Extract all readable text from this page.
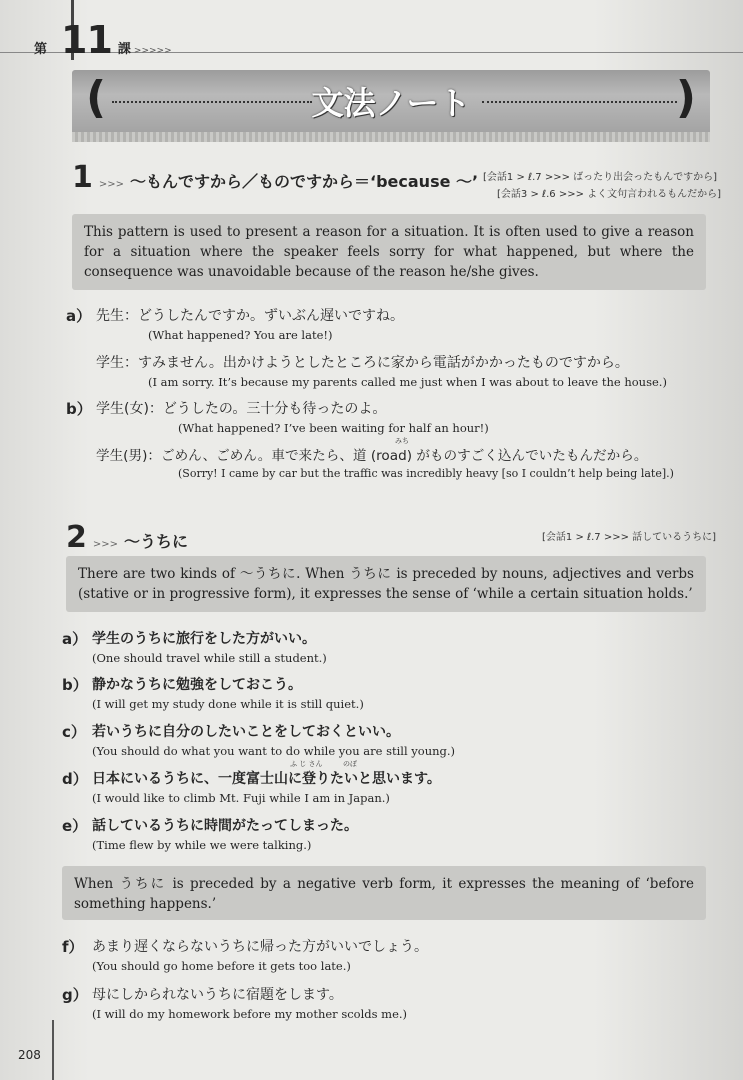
第 11 課 >>>>>
(	)
文法ノート
1 >>> 〜もんですから／ものですから＝‘because 〜’ [会話1 > ℓ.7 >>> ばったり出会ったもんですから]
[会話3 > ℓ.6 >>> よく文句言われるもんだから]

This pattern is used to present a reason for a situation. It is often used to give a reason for a situation where the speaker feels sorry for what happened, but where the consequence was unavoidable because of the reason he/she gives.

a） 先生：どうしたんですか。ずいぶん遅いですね。
(What happened? You are late!)
学生：すみません。出かけようとしたところに家から電話がかかったものですから。
(I am sorry. It’s because my parents called me just when I was about to leave the house.)
b） 学生(女)：どうしたの。三十分も待ったのよ。
(What happened? I’ve been waiting for half an hour!)
みち
学生(男)：ごめん、ごめん。車で来たら、道 (road) がものすごく込んでいたもんだから。
(Sorry! I came by car but the traffic was incredibly heavy [so I couldn’t help being late].)
2 >>> 〜うちに	[会話1 > ℓ.7 >>> 話しているうちに]

There are two kinds of 〜うちに. When うちに is preceded by nouns, adjectives and verbs (stative or in progressive form), it expresses the sense of ‘while a certain situation holds.’

a） 学生のうちに旅行をした方がいい。
(One should travel while still a student.)
b） 静かなうちに勉強をしておこう。
(I will get my study done while it is still quiet.)
c） 若いうちに自分のしたいことをしておくといい。
(You should do what you want to do while you are still young.)
ふ じ さん	のぼ
d） 日本にいるうちに、一度富士山に登りたいと思います。
(I would like to climb Mt. Fuji while I am in Japan.)
e） 話しているうちに時間がたってしまった。
(Time flew by while we were talking.)

When うちに is preceded by a negative verb form, it expresses the meaning of ‘before something happens.’

f） あまり遅くならないうちに帰った方がいいでしょう。
(You should go home before it gets too late.)
g） 母にしかられないうちに宿題をします。
(I will do my homework before my mother scolds me.)
208
